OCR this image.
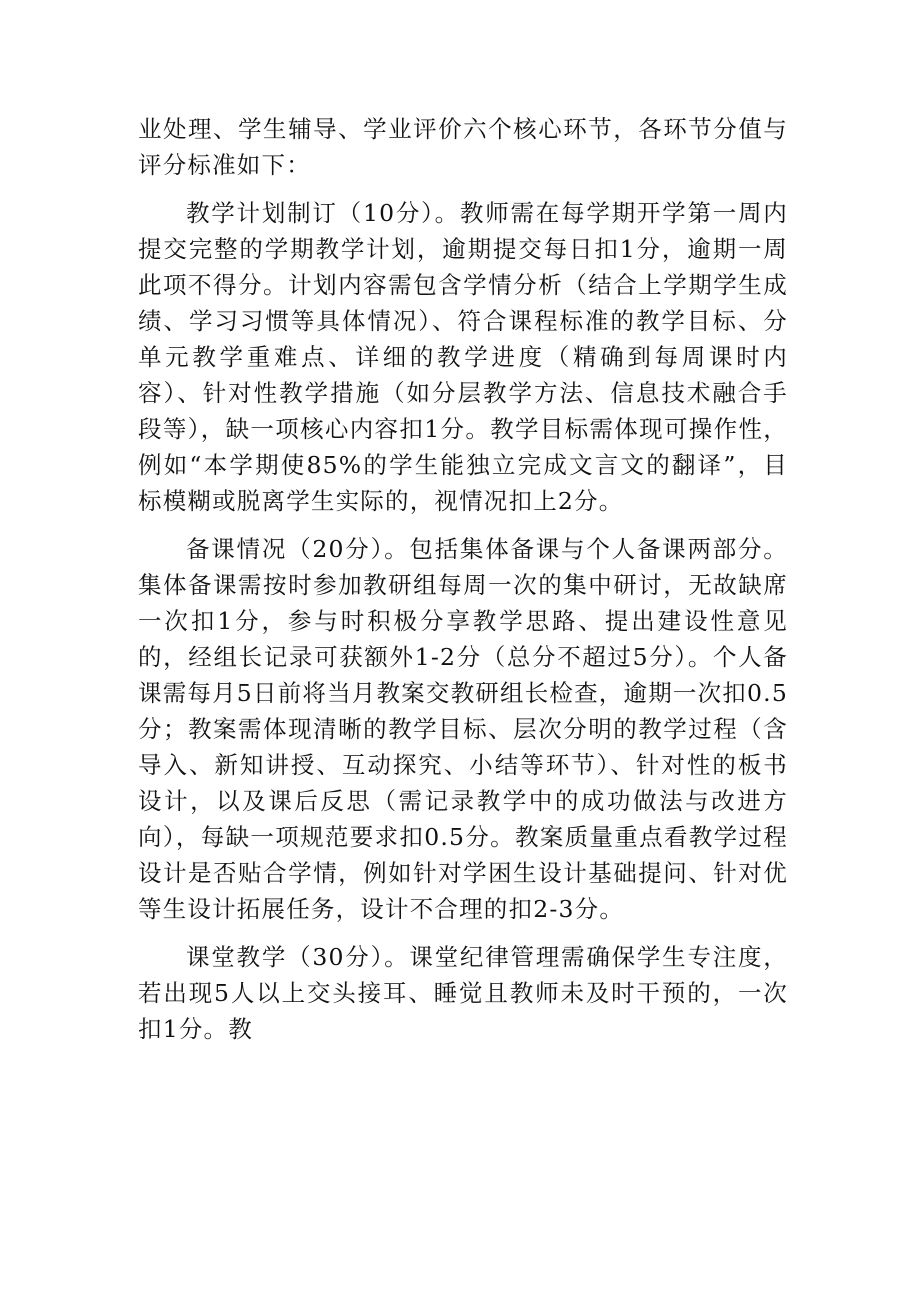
业处理、学生辅导、学业评价六个核心环节，各环节分值与评分标准如下：

教学计划制订（10分）。教师需在每学期开学第一周内提交完整的学期教学计划，逾期提交每日扣1分，逾期一周此项不得分。计划内容需包含学情分析（结合上学期学生成绩、学习习惯等具体情况）、符合课程标准的教学目标、分单元教学重难点、详细的教学进度（精确到每周课时内容）、针对性教学措施（如分层教学方法、信息技术融合手段等），缺一项核心内容扣1分。教学目标需体现可操作性，例如“本学期使85%的学生能独立完成文言文的翻译”，目标模糊或脱离学生实际的，视情况扣上2分。

备课情况（20分）。包括集体备课与个人备课两部分。集体备课需按时参加教研组每周一次的集中研讨，无故缺席一次扣1分，参与时积极分享教学思路、提出建设性意见的，经组长记录可获额外1-2分（总分不超过5分）。个人备课需每月5日前将当月教案交教研组长检查，逾期一次扣0.5分；教案需体现清晰的教学目标、层次分明的教学过程（含导入、新知讲授、互动探究、小结等环节）、针对性的板书设计，以及课后反思（需记录教学中的成功做法与改进方向），每缺一项规范要求扣0.5分。教案质量重点看教学过程设计是否贴合学情，例如针对学困生设计基础提问、针对优等生设计拓展任务，设计不合理的扣2-3分。

课堂教学（30分）。课堂纪律管理需确保学生专注度，若出现5人以上交头接耳、睡觉且教师未及时干预的，一次扣1分。教
